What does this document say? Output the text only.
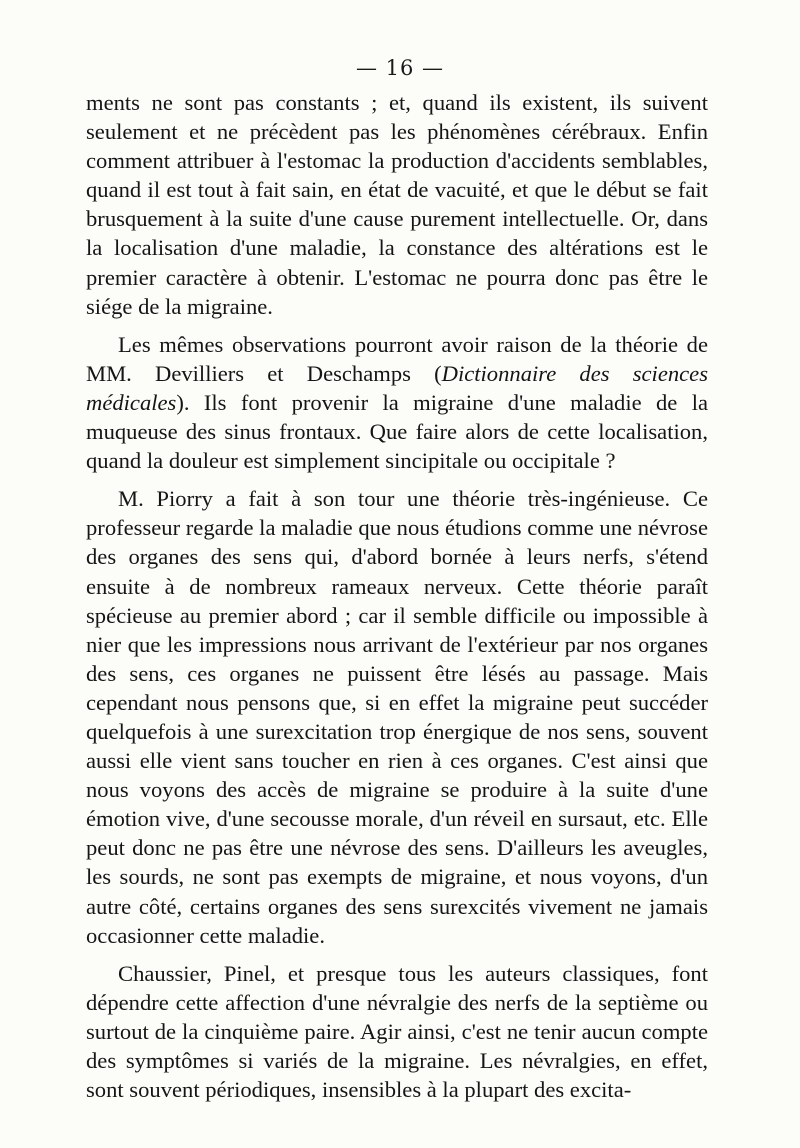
— 16 —

ments ne sont pas constants ; et, quand ils existent, ils suivent seulement et ne précèdent pas les phénomènes cérébraux. Enfin comment attribuer à l'estomac la production d'accidents semblables, quand il est tout à fait sain, en état de vacuité, et que le début se fait brusquement à la suite d'une cause purement intellectuelle. Or, dans la localisation d'une maladie, la constance des altérations est le premier caractère à obtenir. L'estomac ne pourra donc pas être le siége de la migraine.

Les mêmes observations pourront avoir raison de la théorie de MM. Devilliers et Deschamps (Dictionnaire des sciences médicales). Ils font provenir la migraine d'une maladie de la muqueuse des sinus frontaux. Que faire alors de cette localisation, quand la douleur est simplement sincipitale ou occipitale ?

M. Piorry a fait à son tour une théorie très-ingénieuse. Ce professeur regarde la maladie que nous étudions comme une névrose des organes des sens qui, d'abord bornée à leurs nerfs, s'étend ensuite à de nombreux rameaux nerveux. Cette théorie paraît spécieuse au premier abord ; car il semble difficile ou impossible à nier que les impressions nous arrivant de l'extérieur par nos organes des sens, ces organes ne puissent être lésés au passage. Mais cependant nous pensons que, si en effet la migraine peut succéder quelquefois à une surexcitation trop énergique de nos sens, souvent aussi elle vient sans toucher en rien à ces organes. C'est ainsi que nous voyons des accès de migraine se produire à la suite d'une émotion vive, d'une secousse morale, d'un réveil en sursaut, etc. Elle peut donc ne pas être une névrose des sens. D'ailleurs les aveugles, les sourds, ne sont pas exempts de migraine, et nous voyons, d'un autre côté, certains organes des sens surexcités vivement ne jamais occasionner cette maladie.

Chaussier, Pinel, et presque tous les auteurs classiques, font dépendre cette affection d'une névralgie des nerfs de la septième ou surtout de la cinquième paire. Agir ainsi, c'est ne tenir aucun compte des symptômes si variés de la migraine. Les névralgies, en effet, sont souvent périodiques, insensibles à la plupart des excita-
